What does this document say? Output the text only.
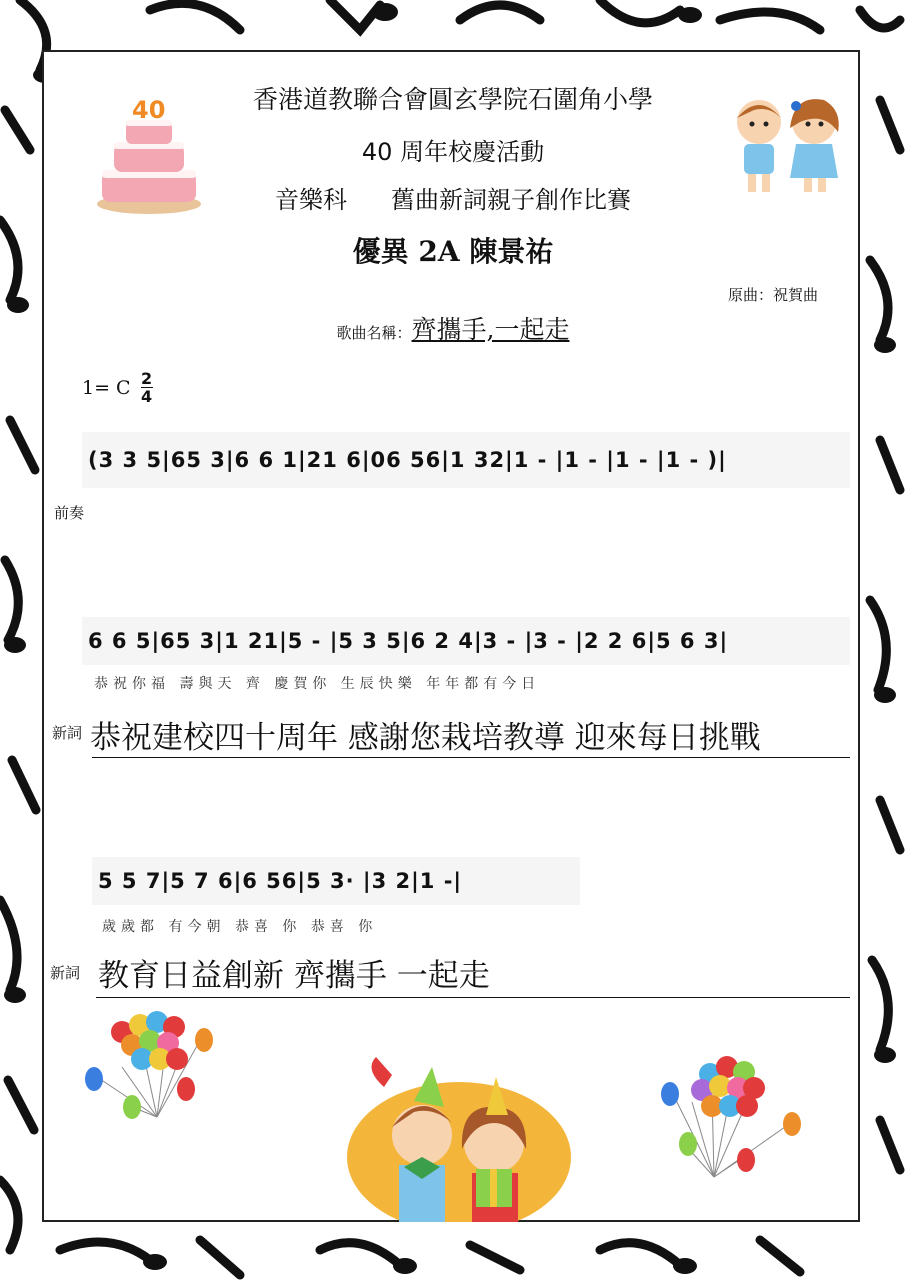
40	香港道教聯合會圓玄學院石圍角小學
40 周年校慶活動
音樂科 舊曲新詞親子創作比賽
優異 2A 陳景祐
原曲：祝賀曲
歌曲名稱：齊攜手,一起走
1= C $\frac{2}{4}$
(3 3 5|65 3|6 6 1|21 6|06 56|1 32|1 - |1 - |1 - |1 - )|
前奏
6 6 5|65 3|1 21|5 - |5 3 5|6 2 4|3 - |3 - |2 2 6|5 6 3|
恭祝你福 壽與天 齊 慶賀你 生辰快樂 年年都有今日
新詞 恭祝建校四十周年 感謝您栽培教導 迎來每日挑戰
5 5 7|5 7 6|6 56|5 3· |3 2|1 -|
歲歲都 有今朝 恭喜 你 恭喜 你
新詞 教育日益創新 齊攜手 一起走
